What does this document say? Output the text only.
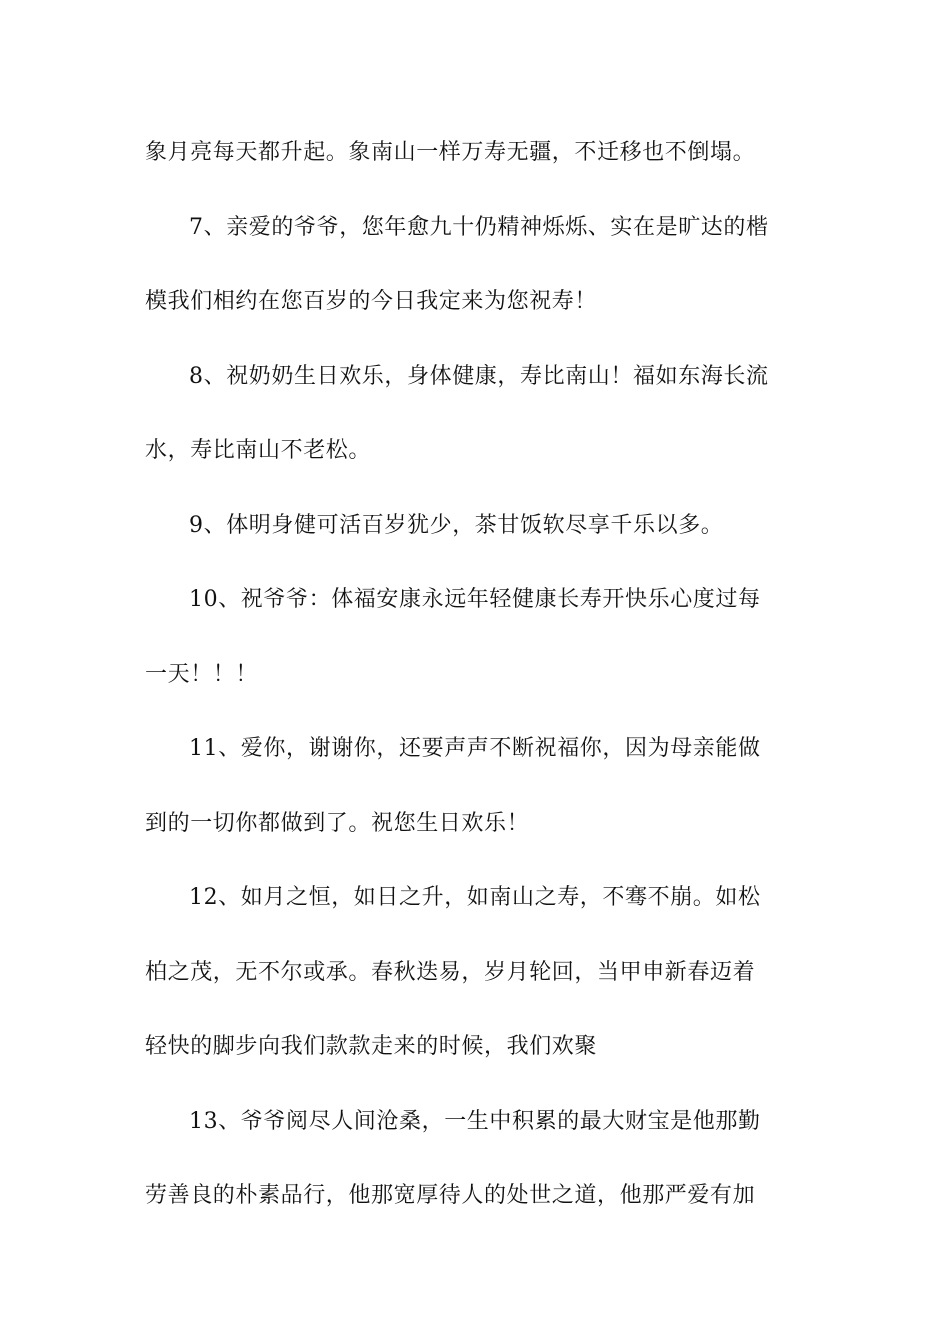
象月亮每天都升起。象南山一样万寿无疆，不迁移也不倒塌。
7、亲爱的爷爷，您年愈九十仍精神烁烁、实在是旷达的楷
模我们相约在您百岁的今日我定来为您祝寿！
8、祝奶奶生日欢乐，身体健康，寿比南山！福如东海长流
水，寿比南山不老松。
9、体明身健可活百岁犹少，茶甘饭软尽享千乐以多。
10、祝爷爷：体福安康永远年轻健康长寿开快乐心度过每
一天！！！
11、爱你，谢谢你，还要声声不断祝福你，因为母亲能做
到的一切你都做到了。祝您生日欢乐！
12、如月之恒，如日之升，如南山之寿，不骞不崩。如松
柏之茂，无不尔或承。春秋迭易，岁月轮回，当甲申新春迈着
轻快的脚步向我们款款走来的时候，我们欢聚
13、爷爷阅尽人间沧桑，一生中积累的最大财宝是他那勤
劳善良的朴素品行，他那宽厚待人的处世之道，他那严爱有加
